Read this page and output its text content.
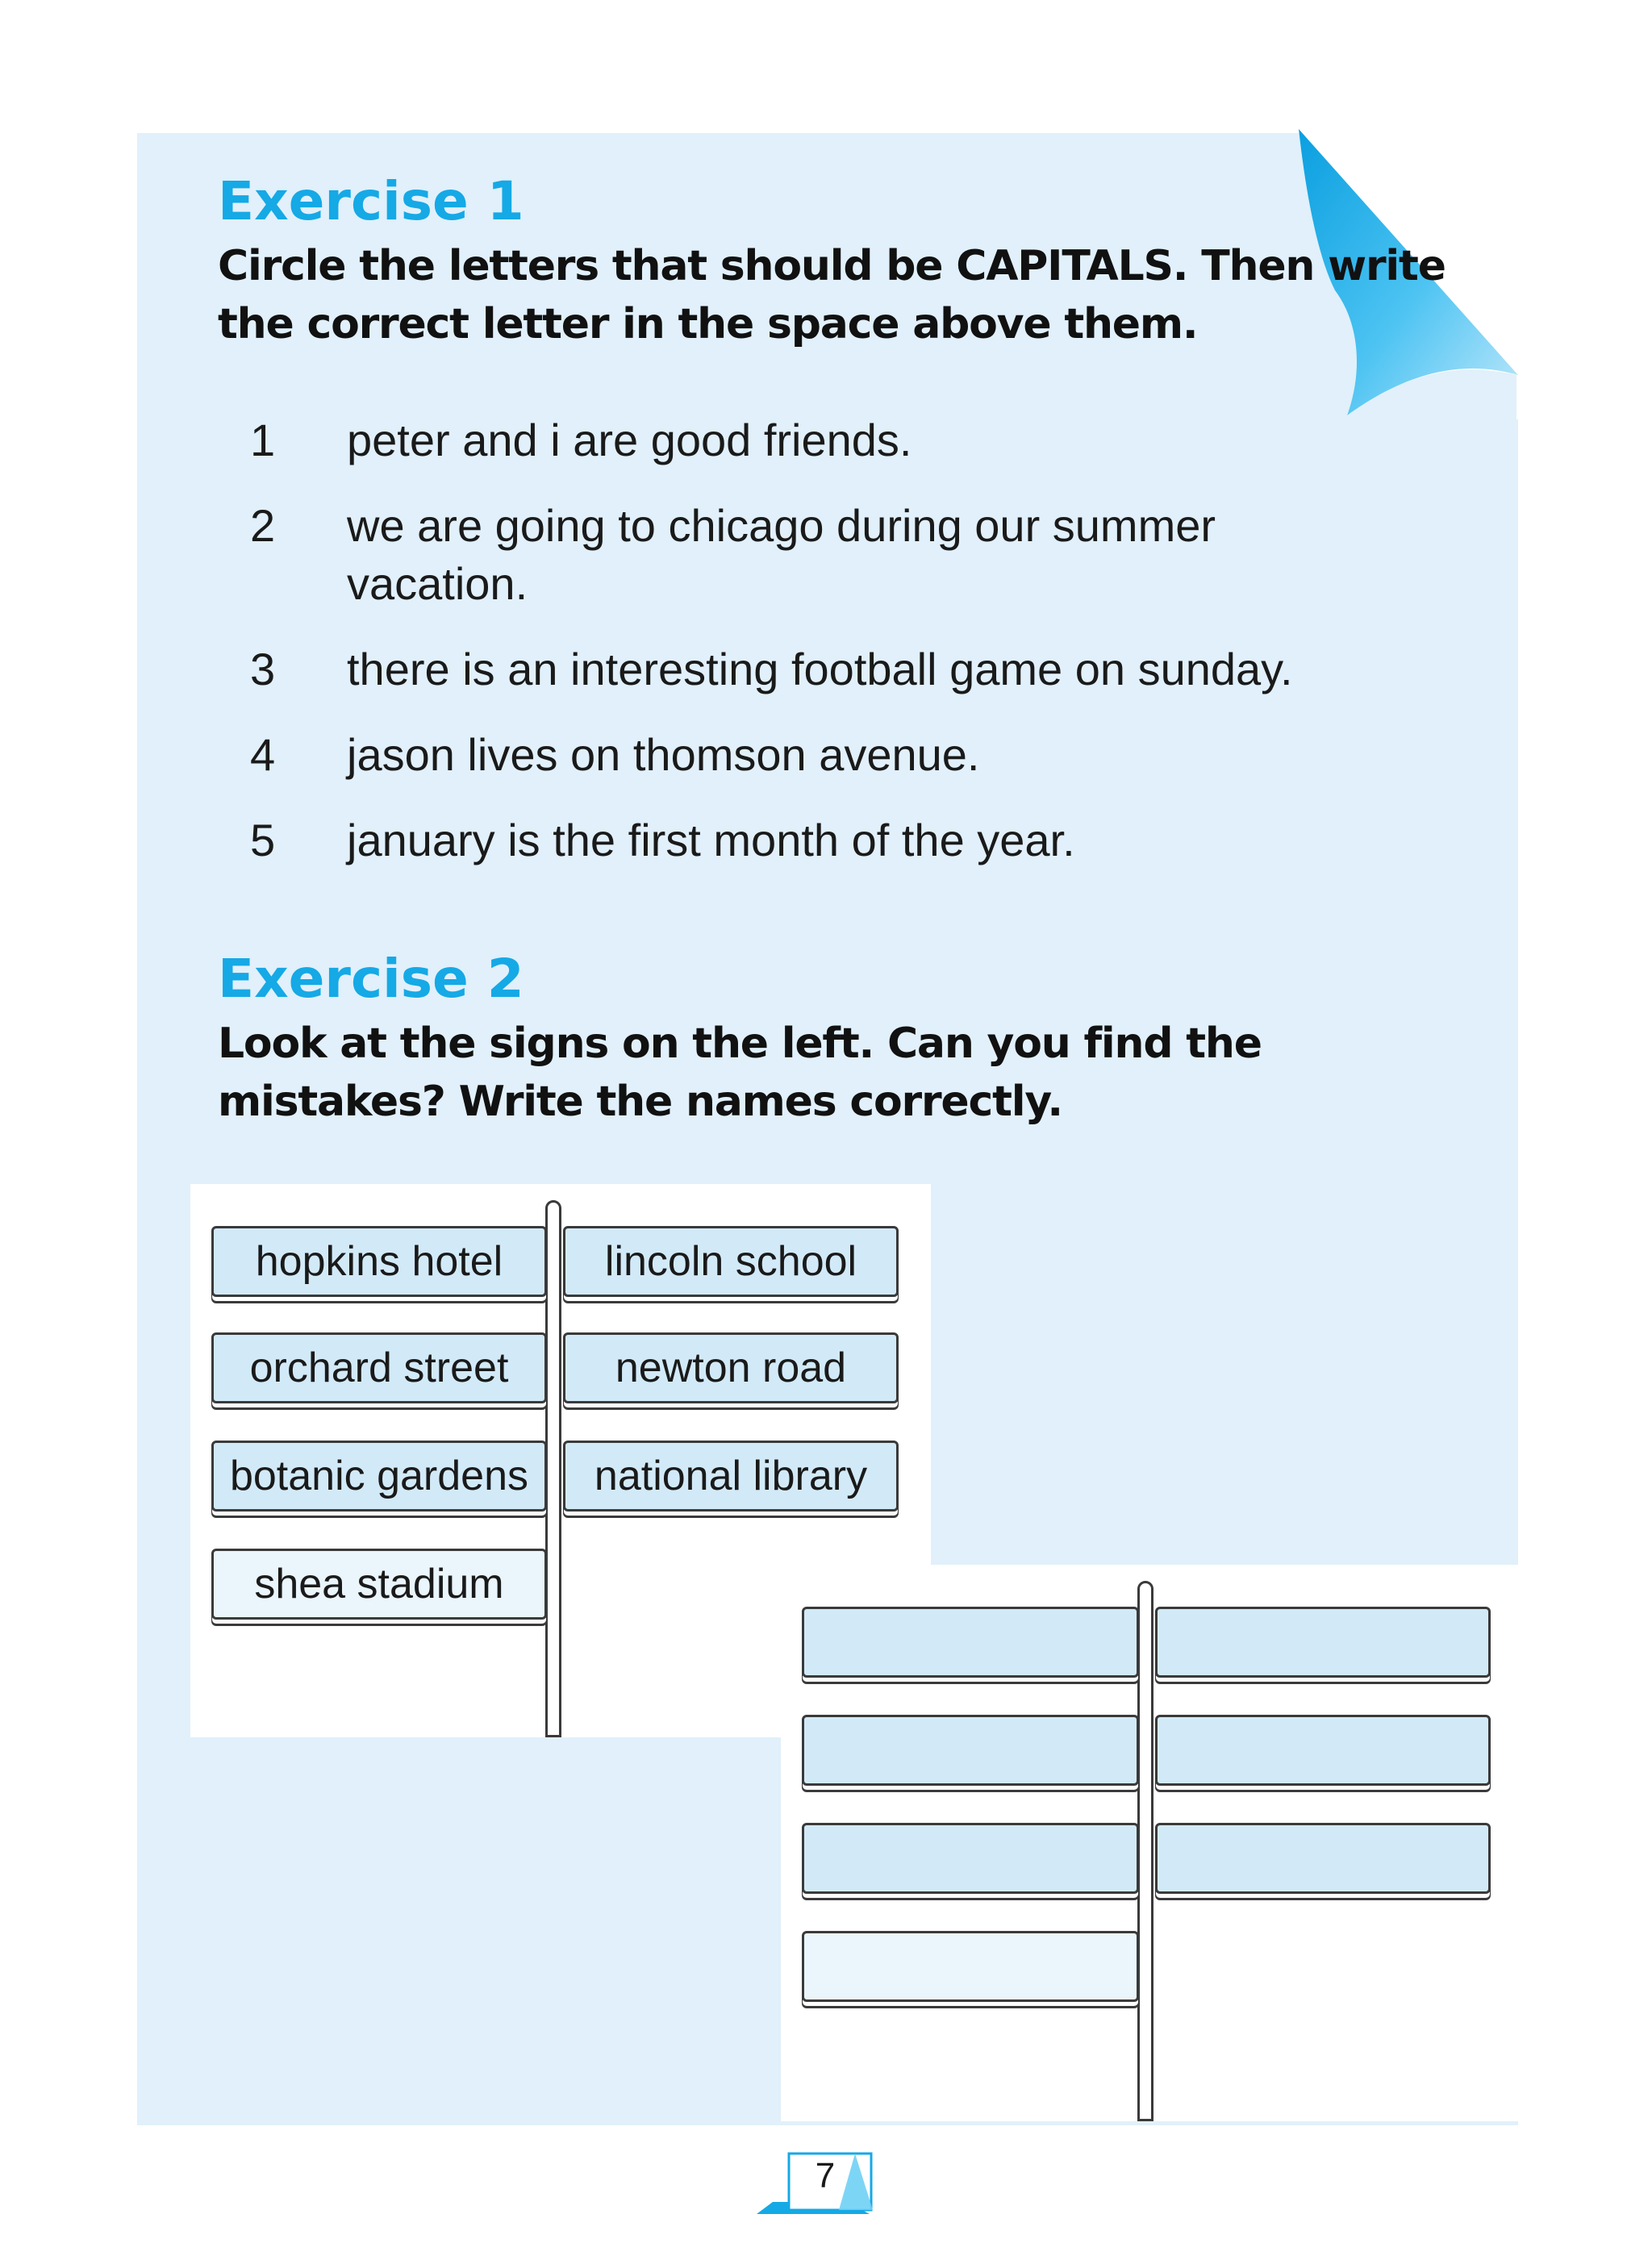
Exercise 1

Circle the letters that should be CAPITALS. Then write

the correct letter in the space above them.

1	peter and i are good friends.
2	we are going to chicago during our summer vacation.
3	there is an interesting football game on sunday.
4	jason lives on thomson avenue.
5	january is the first month of the year.
Exercise 2

Look at the signs on the left. Can you find the

mistakes? Write the names correctly.

hopkins hotel	lincoln school
orchard street	newton road
botanic gardens	national library
shea stadium
7
